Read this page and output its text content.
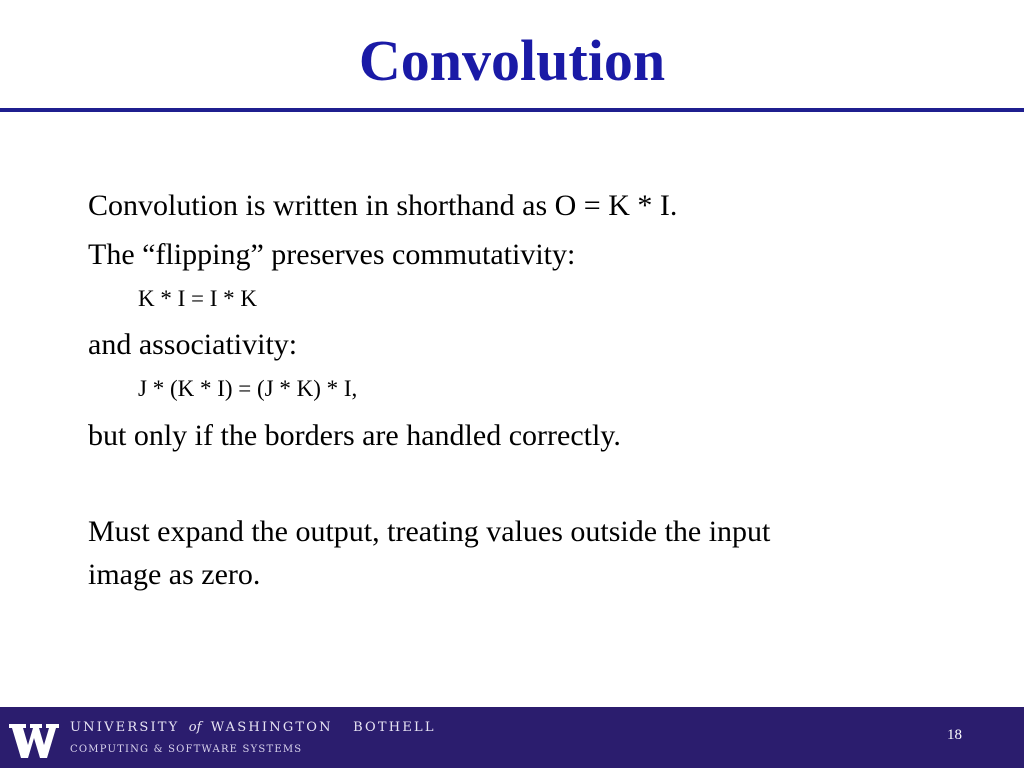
Convolution
Convolution is written in shorthand as O = K * I.
The “flipping” preserves commutativity:
K * I = I * K
and associativity:
J * (K * I) = (J * K) * I,
but only if the borders are handled correctly.
Must expand the output, treating values outside the input
image as zero.
UNIVERSITY of WASHINGTON BOTHELL
COMPUTING & SOFTWARE SYSTEMS
18
